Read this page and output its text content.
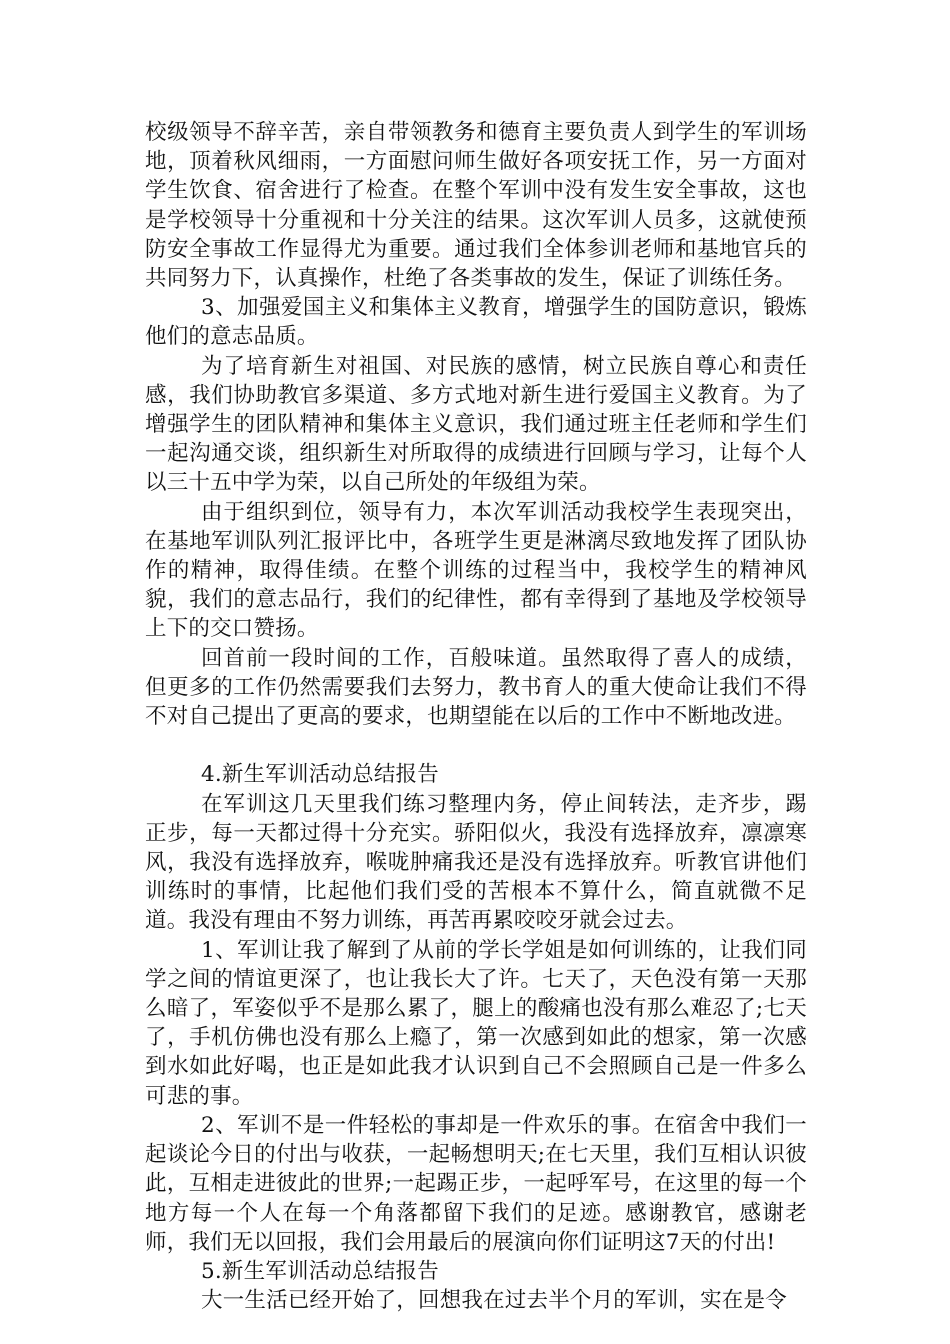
校级领导不辞辛苦，亲自带领教务和德育主要负责人到学生的军训场地，顶着秋风细雨，一方面慰问师生做好各项安抚工作，另一方面对学生饮食、宿舍进行了检查。在整个军训中没有发生安全事故，这也是学校领导十分重视和十分关注的结果。这次军训人员多，这就使预防安全事故工作显得尤为重要。通过我们全体参训老师和基地官兵的共同努力下，认真操作，杜绝了各类事故的发生，保证了训练任务。

3、加强爱国主义和集体主义教育，增强学生的国防意识，锻炼他们的意志品质。

为了培育新生对祖国、对民族的感情，树立民族自尊心和责任感，我们协助教官多渠道、多方式地对新生进行爱国主义教育。为了增强学生的团队精神和集体主义意识，我们通过班主任老师和学生们一起沟通交谈，组织新生对所取得的成绩进行回顾与学习，让每个人以三十五中学为荣，以自己所处的年级组为荣。

由于组织到位，领导有力，本次军训活动我校学生表现突出，在基地军训队列汇报评比中，各班学生更是淋漓尽致地发挥了团队协作的精神，取得佳绩。在整个训练的过程当中，我校学生的精神风貌，我们的意志品行，我们的纪律性，都有幸得到了基地及学校领导上下的交口赞扬。

回首前一段时间的工作，百般味道。虽然取得了喜人的成绩，但更多的工作仍然需要我们去努力，教书育人的重大使命让我们不得不对自己提出了更高的要求，也期望能在以后的工作中不断地改进。

4.新生军训活动总结报告

在军训这几天里我们练习整理内务，停止间转法，走齐步，踢正步，每一天都过得十分充实。骄阳似火，我没有选择放弃，凛凛寒风，我没有选择放弃，喉咙肿痛我还是没有选择放弃。听教官讲他们训练时的事情，比起他们我们受的苦根本不算什么，简直就微不足道。我没有理由不努力训练，再苦再累咬咬牙就会过去。

1、军训让我了解到了从前的学长学姐是如何训练的，让我们同学之间的情谊更深了，也让我长大了许。七天了，天色没有第一天那么暗了，军姿似乎不是那么累了，腿上的酸痛也没有那么难忍了;七天了，手机仿佛也没有那么上瘾了，第一次感到如此的想家，第一次感到水如此好喝，也正是如此我才认识到自己不会照顾自己是一件多么可悲的事。

2、军训不是一件轻松的事却是一件欢乐的事。在宿舍中我们一起谈论今日的付出与收获，一起畅想明天;在七天里，我们互相认识彼此，互相走进彼此的世界;一起踢正步，一起呼军号，在这里的每一个地方每一个人在每一个角落都留下我们的足迹。感谢教官，感谢老师，我们无以回报，我们会用最后的展演向你们证明这7天的付出!

5.新生军训活动总结报告

大一生活已经开始了，回想我在过去半个月的军训，实在是令
